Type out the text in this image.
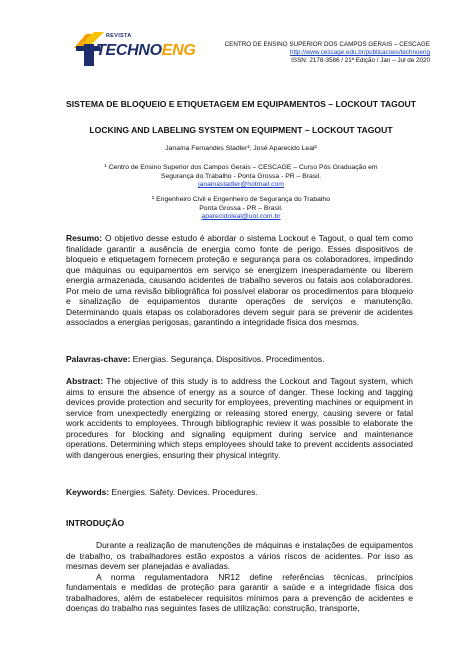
REVISTA
TECHNOENG	CENTRO DE ENSINO SUPERIOR DOS CAMPOS GERAIS – CESCAGE
http://www.cescage.edu.br/publicacoes/technoeng
ISSN: 2178-3586 / 21ª Edição / Jan – Jul de 2020
SISTEMA DE BLOQUEIO E ETIQUETAGEM EM EQUIPAMENTOS – LOCKOUT TAGOUT
LOCKING AND LABELING SYSTEM ON EQUIPMENT – LOCKOUT TAGOUT
Janaína Fernandes Stadler¹; José Aparecido Leal²
¹ Centro de Ensino Superior dos Campos Gerais – CESCAGE – Curso Pós Graduação em Segurança do Trabalho - Ponta Grossa - PR – Brasil.
janainastadler@hotmail.com
² Engenheiro Civil e Engenheiro de Segurança do Trabalho
Ponta Grossa - PR – Brasil.
aparecidoleal@uol.com.br
Resumo: O objetivo desse estudo é abordar o sistema Lockout e Tagout, o qual tem como finalidade garantir a ausência de energia como fonte de perigo. Esses dispositivos de bloqueio e etiquetagem fornecem proteção e segurança para os colaboradores, impedindo que máquinas ou equipamentos em serviço se energizem inesperadamente ou liberem energia armazenada, causando acidentes de trabalho severos ou fatais aos colaboradores. Por meio de uma revisão bibliográfica foi possível elaborar os procedimentos para bloqueio e sinalização de equipamentos durante operações de serviços e manutenção. Determinando quais etapas os colaboradores devem seguir para se prevenir de acidentes associados a energias perigosas, garantindo a integridade física dos mesmos.
Palavras-chave: Energias. Segurança. Dispositivos. Procedimentos.
Abstract: The objective of this study is to address the Lockout and Tagout system, which aims to ensure the absence of energy as a source of danger. These locking and tagging devices provide protection and security for employees, preventing machines or equipment in service from unexpectedly energizing or releasing stored energy, causing severe or fatal work accidents to employees. Through bibliographic review it was possible to elaborate the procedures for blocking and signaling equipment during service and maintenance operations. Determining which steps employees should take to prevent accidents associated with dangerous energies, ensuring their physical integrity.
Keywords: Energies. Safety. Devices. Procedures.
INTRODUÇÃO

Durante a realização de manutenções de máquinas e instalações de equipamentos de trabalho, os trabalhadores estão expostos a vários riscos de acidentes. Por isso as mesmas devem ser planejadas e avaliadas.

A norma regulamentadora NR12 define referências técnicas, princípios fundamentais e medidas de proteção para garantir a saúde e a integridade física dos trabalhadores, além de estabelecer requisitos mínimos para a prevenção de acidentes e doenças do trabalho nas seguintes fases de utilização: construção, transporte,
